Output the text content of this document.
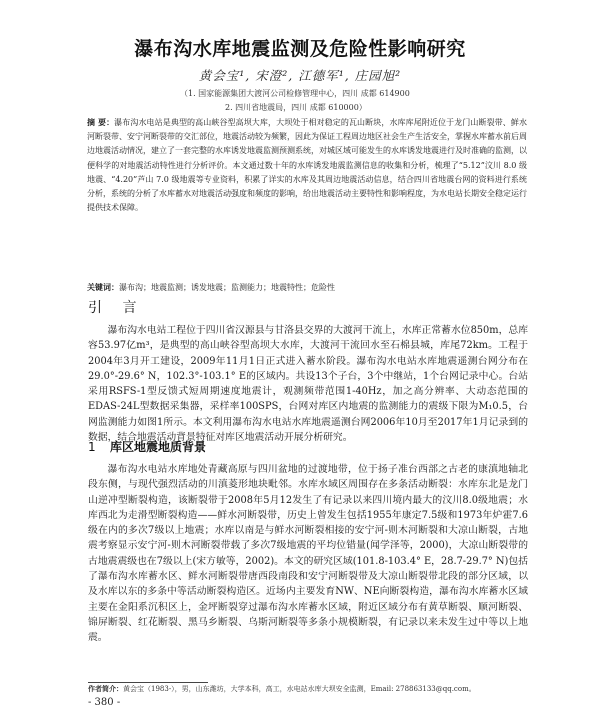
瀑布沟水库地震监测及危险性影响研究
黄会宝¹, 宋澄², 江德军¹, 庄园旭²
（1. 国家能源集团大渡河公司检修管理中心，四川 成都 614900
2. 四川省地震局，四川 成都 610000）
摘 要：瀑布沟水电站是典型的高山峡谷型高坝大库，大坝处于相对稳定的瓦山断块，水库库尾附近位于龙门山断裂带、鲜水河断裂带、安宁河断裂带的交汇部位，地震活动较为频繁，因此为保证工程周边地区社会生产生活安全，掌握水库蓄水前后周边地震活动情况，建立了一套完整的水库诱发地震监测预测系统，对城区域可能发生的水库诱发地震进行及时准确的监测，以便科学的对地震活动特性进行分析评价。本文通过数十年的水库诱发地震监测信息的收集和分析，梳理了“5.12”汶川 8.0 级地震、“4.20”芦山 7.0 级地震等专业资料，积累了详实的水库及其周边地震活动信息，结合四川省地震台网的资料进行系统分析，系统的分析了水库蓄水对地震活动强度和频度的影响，给出地震活动主要特性和影响程度，为水电站长期安全稳定运行提供技术保障。
关键词：瀑布沟；地震监测；诱发地震；监测能力；地震特性；危险性
引 言
瀑布沟水电站工程位于四川省汉源县与甘洛县交界的大渡河干流上，水库正常蓄水位850m，总库容53.97亿m³，是典型的高山峡谷型高坝大水库，大渡河干流回水至石棉县城，库尾72km。工程于2004年3月开工建设，2009年11月1日正式进入蓄水阶段。瀑布沟水电站水库地震遥测台网分布在29.0°-29.6° N，102.3°-103.1° E的区域内。共设13个子台，3个中继站，1个台网记录中心。台站采用RSFS-1型反馈式短周期速度地震计，观测频带范围1-40Hz，加之高分辨率、大动态范围的EDAS-24L型数据采集器，采样率100SPS，台网对库区内地震的监测能力的震级下限为M₁0.5，台网监测能力如图1所示。本文利用瀑布沟水电站水库地震遥测台网2006年10月至2017年1月记录到的数据，结合地震活动背景特征对库区地震活动开展分析研究。
1 库区地震地质背景
瀑布沟水电站水库地处青藏高原与四川盆地的过渡地带，位于扬子准台西部之古老的康滇地轴北段东侧，与现代强烈活动的川滇菱形地块毗邻。水库水域区周围存在多条活动断裂：水库东北是龙门山逆冲型断裂构造，该断裂带于2008年5月12发生了有记录以来四川境内最大的汶川8.0级地震；水库西北为走滑型断裂构造——鲜水河断裂带，历史上曾发生包括1955年康定7.5级和1973年炉霍7.6级在内的多次7级以上地震；水库以南是与鲜水河断裂相接的安宁河-则木河断裂和大凉山断裂，古地震考察显示安宁河-则木河断裂带载了多次7级地震的平均位错量(闻学泽等，2000)，大凉山断裂带的古地震震级也在7级以上(宋方敏等，2002)。本文的研究区域(101.8-103.4° E，28.7-29.7° N)包括了瀑布沟水库蓄水区、鲜水河断裂带唐西段南段和安宁河断裂带及大凉山断裂带北段的部分区域，以及水库以东的多条中等活动断裂构造区。近场内主要发育NW、NE向断裂构造，瀑布沟水库蓄水区域主要在金阳系沉积区上，金坪断裂穿过瀑布沟水库蓄水区域，附近区域分布有黄草断裂、顺河断裂、锦屏断裂、红花断裂、黑马乡断裂、乌斯河断裂等多条小规模断裂，有记录以来未发生过中等以上地震。
作者简介：黄会宝（1983-），男，山东潍坊，大学本科，高工，水电站水库大坝安全监测，Email: 278863133@qq.com。
- 380 -
